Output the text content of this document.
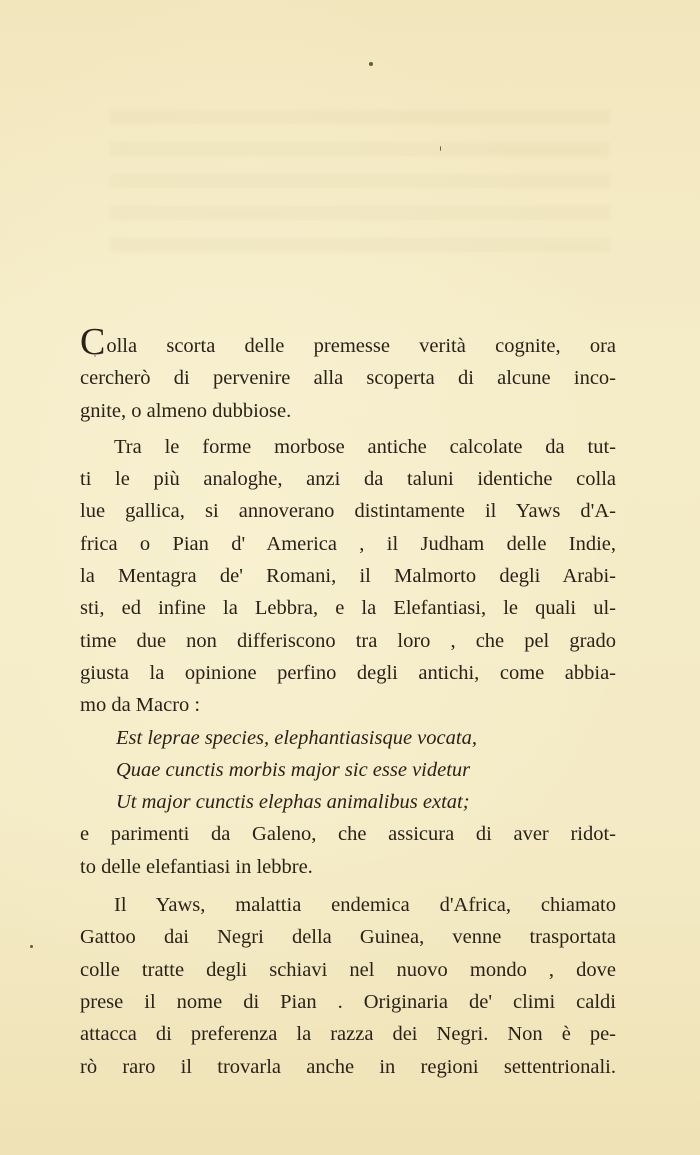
Colla scorta delle premesse verità cognite, ora
cercherò di pervenire alla scoperta di alcune inco-
gnite, o almeno dubbiose.
Tra le forme morbose antiche calcolate da tut-
ti le più analoghe, anzi da taluni identiche colla
lue gallica, si annoverano distintamente il Yaws d'A-
frica o Pian d' America , il Judham delle Indie,
la Mentagra de' Romani, il Malmorto degli Arabi-
sti, ed infine la Lebbra, e la Elefantiasi, le quali ul-
time due non differiscono tra loro , che pel grado
giusta la opinione perfino degli antichi, come abbia-
mo da Macro :
Est leprae species, elephantiasisque vocata,
Quae cunctis morbis major sic esse videtur
Ut major cunctis elephas animalibus extat;
e parimenti da Galeno, che assicura di aver ridot-
to delle elefantiasi in lebbre.
Il Yaws, malattia endemica d'Africa, chiamato
Gattoo dai Negri della Guinea, venne trasportata
colle tratte degli schiavi nel nuovo mondo , dove
prese il nome di Pian . Originaria de' climi caldi
attacca di preferenza la razza dei Negri. Non è pe-
rò raro il trovarla anche in regioni settentrionali.
